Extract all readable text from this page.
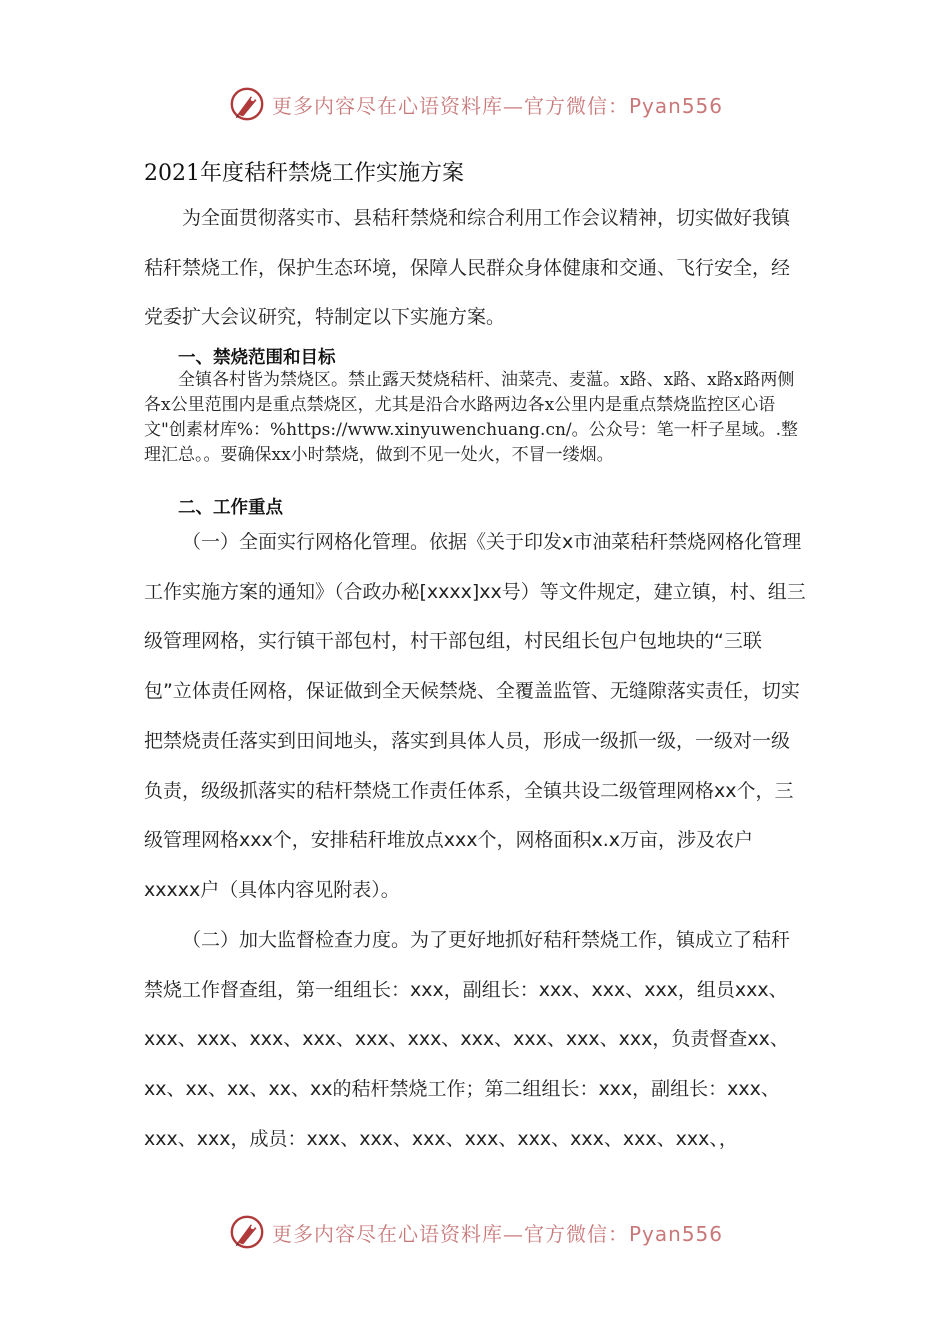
更多内容尽在心语资料库—官方微信：Pyan556
2021年度秸秆禁烧工作实施方案
为全面贯彻落实市、县秸秆禁烧和综合利用工作会议精神，切实做好我镇秸秆禁烧工作，保护生态环境，保障人民群众身体健康和交通、飞行安全，经党委扩大会议研究，特制定以下实施方案。
一、禁烧范围和目标
全镇各村皆为禁烧区。禁止露天焚烧秸杆、油菜壳、麦蕰。x路、x路、x路x路两侧各x公里范围内是重点禁烧区，尤其是沿合水路两边各x公里内是重点禁烧监控区心语文"创素材库%：%https://www.xinyuwenchuang.cn/。公众号：笔一杆子星域。.整理汇总。。要确保xx小时禁烧，做到不见一处火，不冒一缕烟。
二、工作重点
（一）全面实行网格化管理。依据《关于印发x市油菜秸秆禁烧网格化管理工作实施方案的通知》（合政办秘[xxxx]xx号）等文件规定，建立镇，村、组三级管理网格，实行镇干部包村，村干部包组，村民组长包户包地块的“三联包”立体责任网格，保证做到全天候禁烧、全覆盖监管、无缝隙落实责任，切实把禁烧责任落实到田间地头，落实到具体人员，形成一级抓一级，一级对一级负责，级级抓落实的秸杆禁烧工作责任体系，全镇共设二级管理网格xx个，三级管理网格xxx个，安排秸秆堆放点xxx个，网格面积x.x万亩，涉及农户xxxxx户（具体内容见附表）。
（二）加大监督检查力度。为了更好地抓好秸秆禁烧工作，镇成立了秸秆禁烧工作督查组，第一组组长：xxx，副组长：xxx、xxx、xxx，组员xxx、xxx、xxx、xxx、xxx、xxx、xxx、xxx、xxx、xxx、xxx，负责督查xx、xx、xx、xx、xx、xx的秸杆禁烧工作；第二组组长：xxx，副组长：xxx、xxx、xxx，成员：xxx、xxx、xxx、xxx、xxx、xxx、xxx、xxx、，
更多内容尽在心语资料库—官方微信：Pyan556
